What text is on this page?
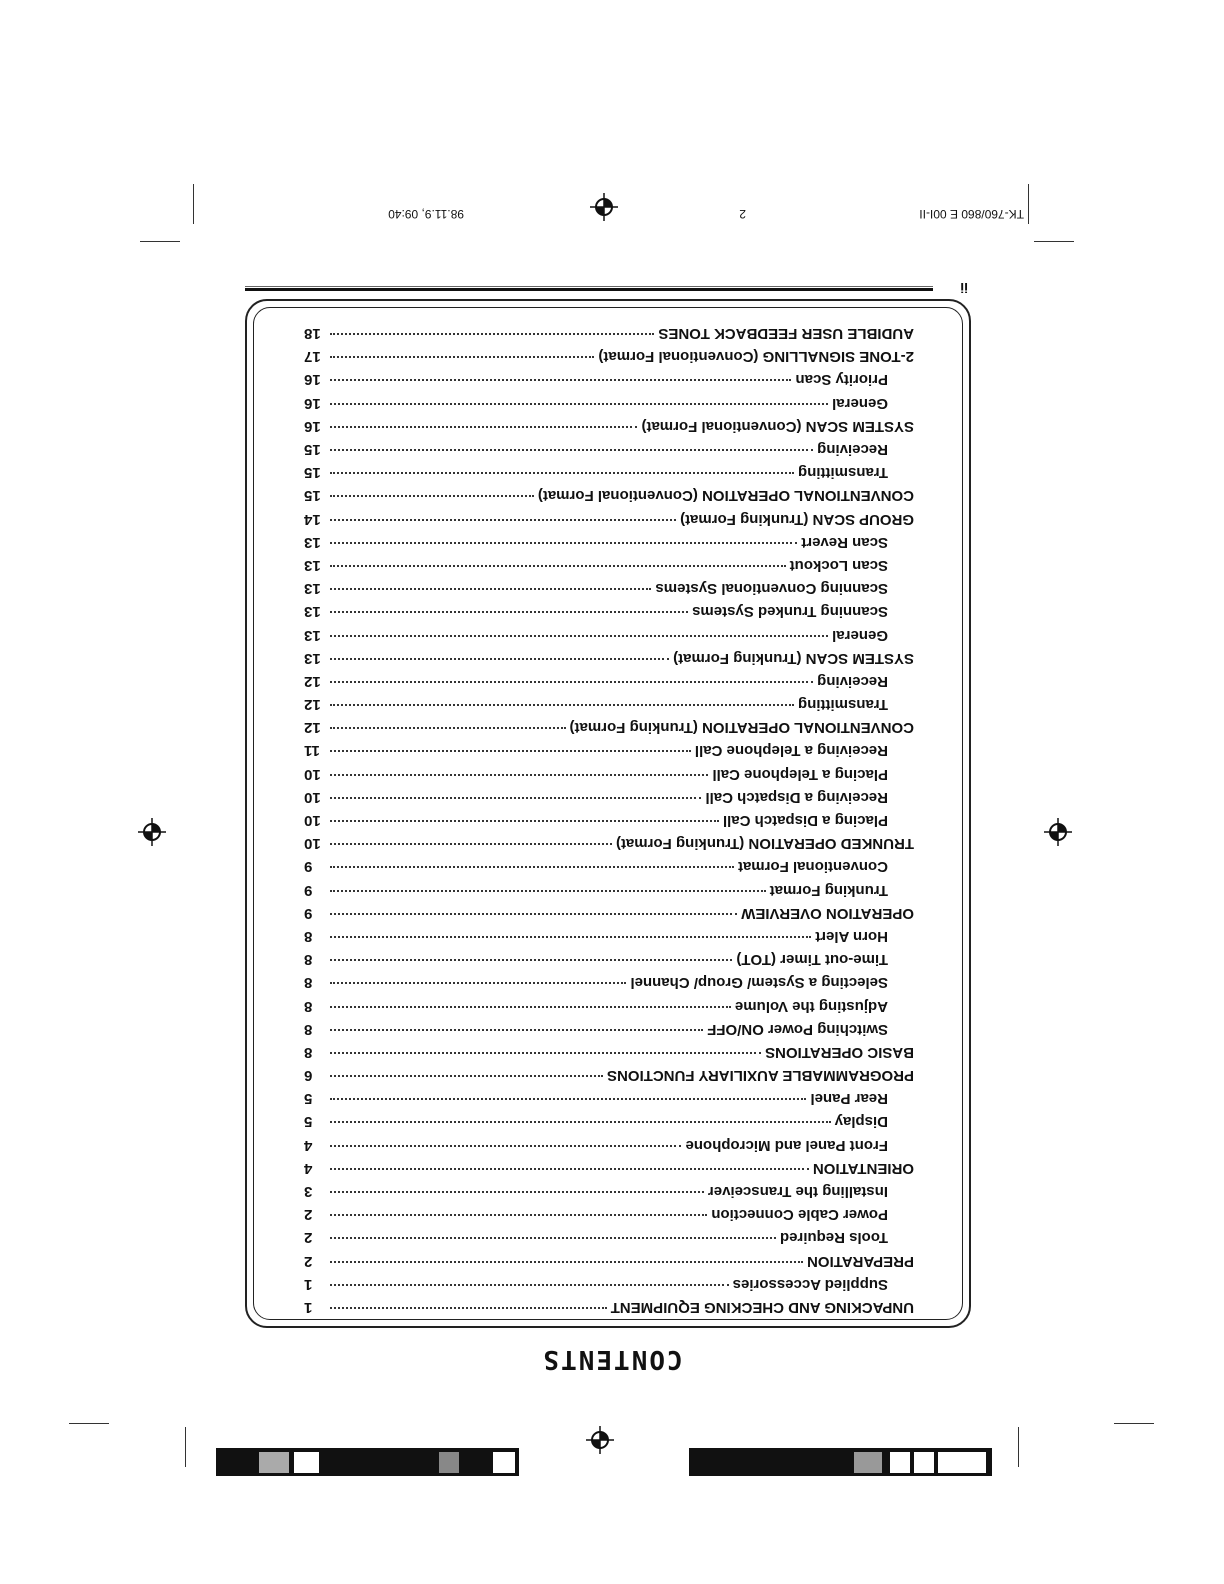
CONTENTS
UNPACKING AND CHECKING EQUIPMENT
1
Supplied Accessories
1
PREPARATION
2
Tools Required
2
Power Cable Connection
2
Installing the Transceiver
3
ORIENTATION
4
Front Panel and Microphone
4
Display
5
Rear Panel
5
PROGRAMMABLE AUXILIARY FUNCTIONS
6
BASIC OPERATIONS
8
Switching Power ON/OFF
8
Adjusting the Volume
8
Selecting a System/ Group/ Channel
8
Time-out Timer (TOT)
8
Horn Alert
8
OPERATION OVERVIEW
9
Trunking Format
9
Conventional Format
9
TRUNKED OPERATION (Trunking Format)
10
Placing a Dispatch Call
10
Receiving a Dispatch Call
10
Placing a Telephone Call
10
Receiving a Telephone Call
11
CONVENTIONAL OPERATION (Trunking Format)
12
Transmitting
12
Receiving
12
SYSTEM SCAN (Trunking Format)
13
General
13
Scanning Trunked Systems
13
Scanning Conventional Systems
13
Scan Lockout
13
Scan Revert
13
GROUP SCAN (Trunking Format)
14
CONVENTIONAL OPERATION (Conventional Format)
15
Transmitting
15
Receiving
15
SYSTEM SCAN (Conventional Format)
16
General
16
Priority Scan
16
2-TONE SIGNALLING (Conventional Format)
17
AUDIBLE USER FEEDBACK TONES
18
ii
TK-760/860 E 00I-II
2
98.11.9, 09:40
